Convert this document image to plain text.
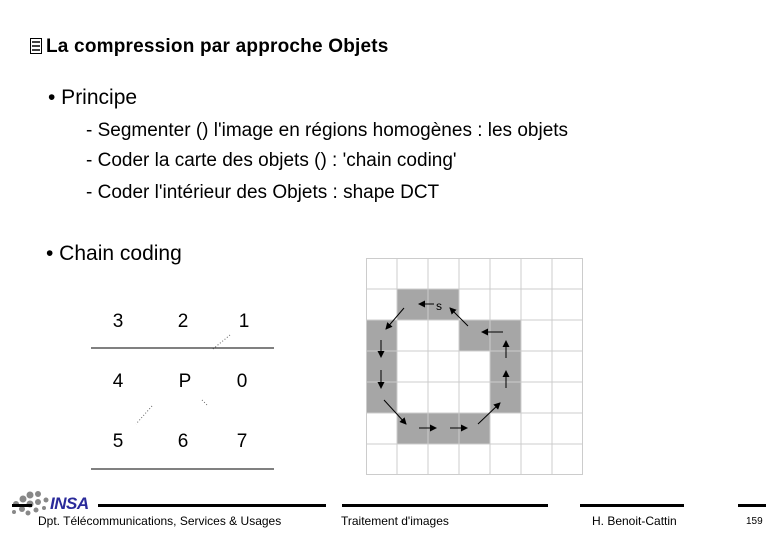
La compression par approche Objets
• Principe
- Segmenter () l'image en régions homogènes : les objets
- Coder la carte des objets () : 'chain coding'
- Coder l'intérieur des Objets : shape DCT
• Chain coding
3	2	1
4	P	0
5	6	7
s
INSA
Dpt. Télécommunications, Services & Usages	Traitement d'images	H. Benoit-Cattin	159
